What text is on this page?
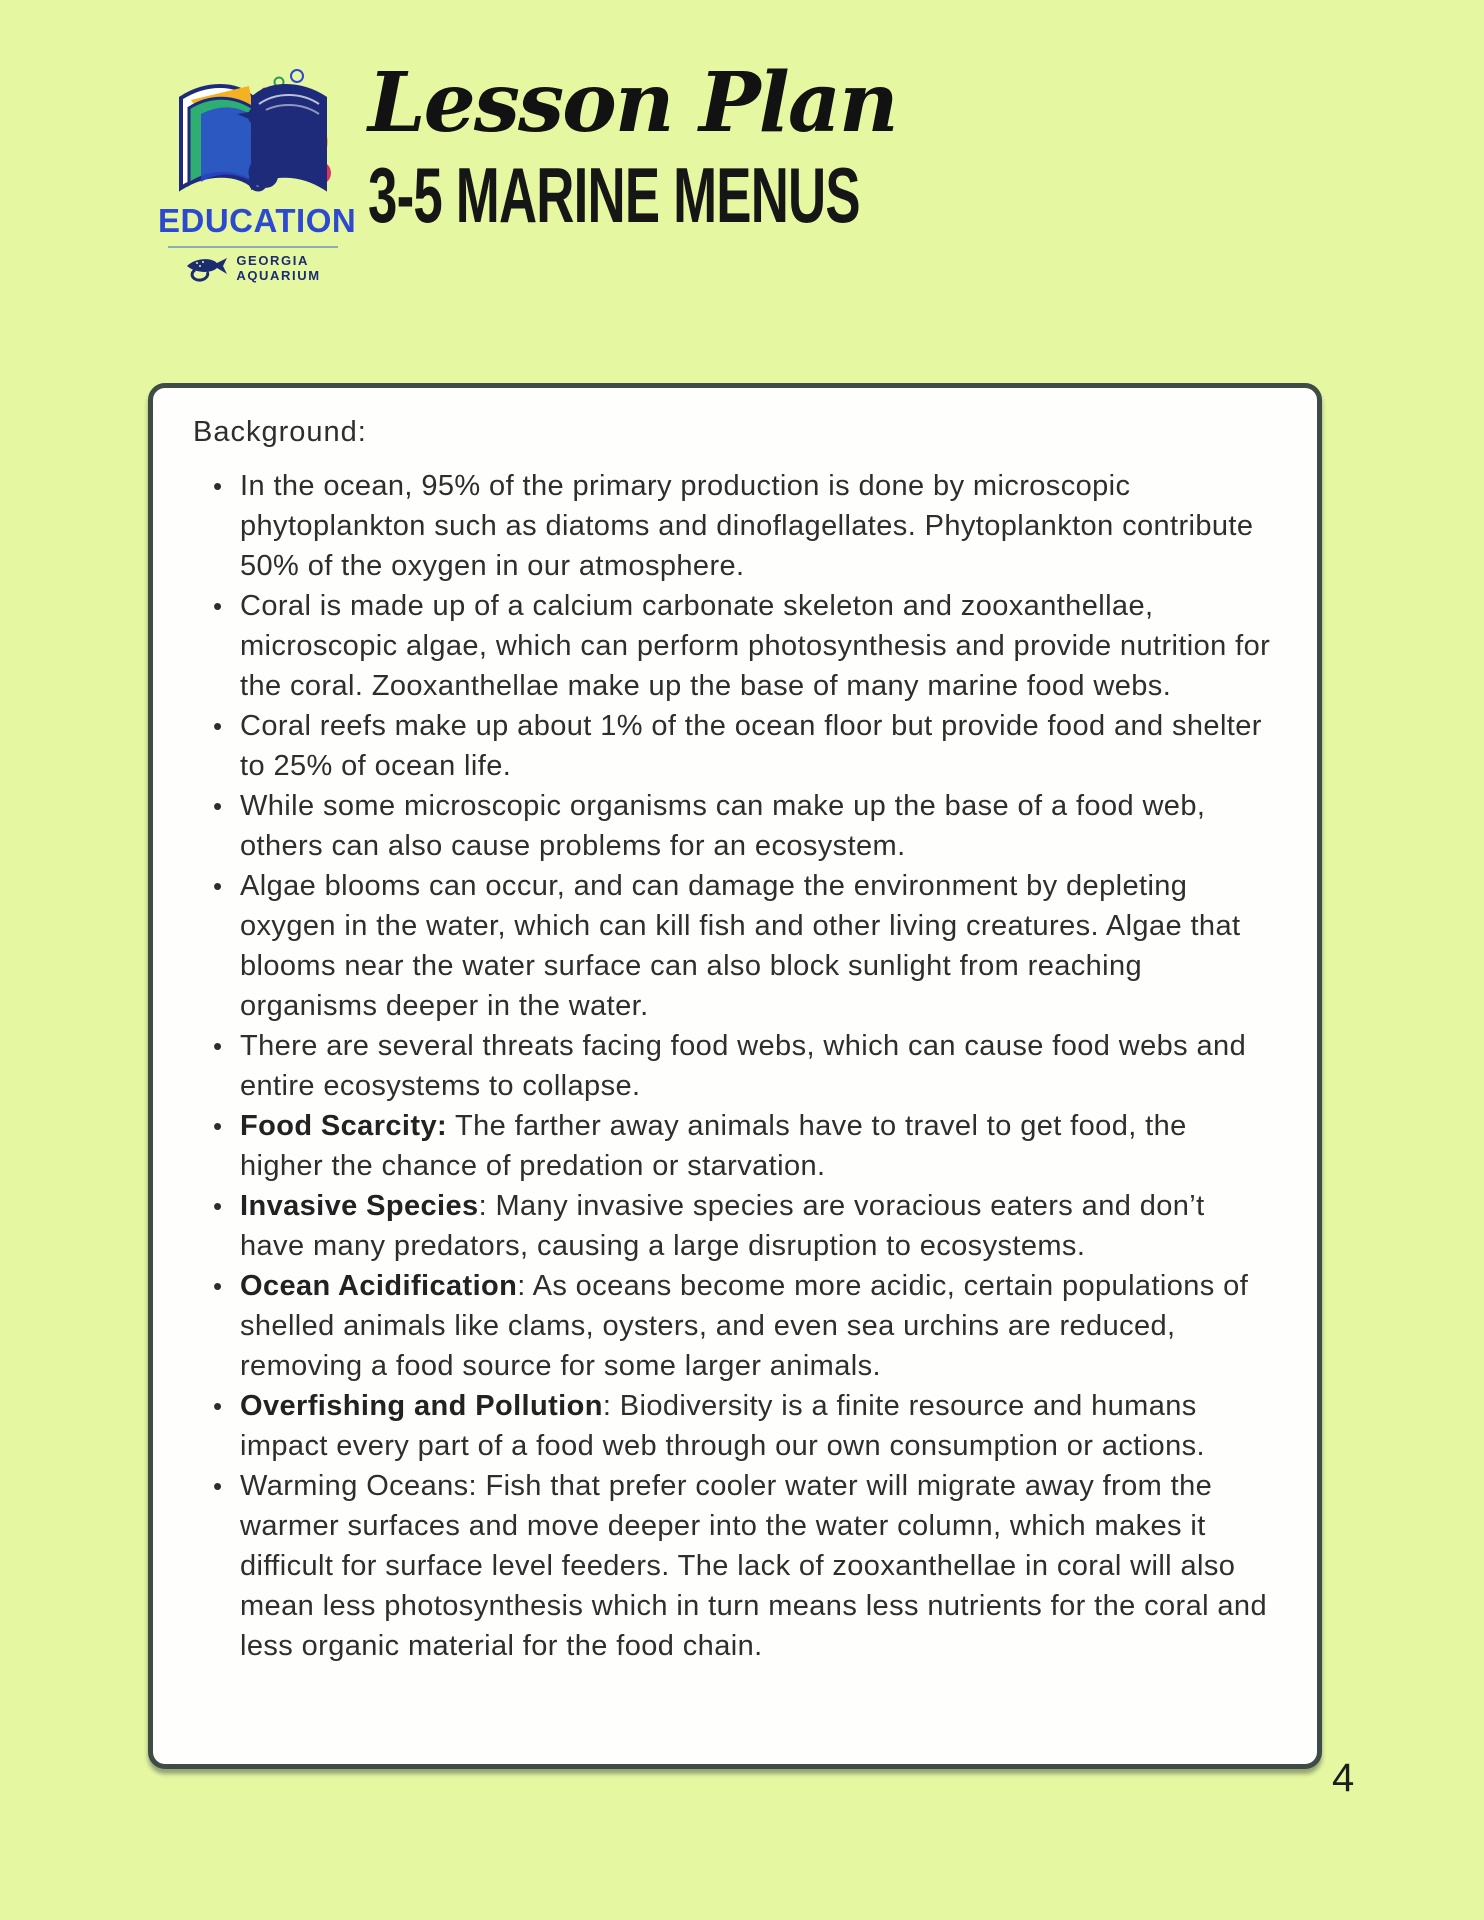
EDUCATION
GEORGIA
AQUARIUM
Lesson Plan
3-5 MARINE MENUS
Background:
• In the ocean, 95% of the primary production is done by microscopic phytoplankton such as diatoms and dinoflagellates. Phytoplankton contribute 50% of the oxygen in our atmosphere.
• Coral is made up of a calcium carbonate skeleton and zooxanthellae, microscopic algae, which can perform photosynthesis and provide nutrition for the coral. Zooxanthellae make up the base of many marine food webs.
• Coral reefs make up about 1% of the ocean floor but provide food and shelter to 25% of ocean life.
• While some microscopic organisms can make up the base of a food web, others can also cause problems for an ecosystem.
• Algae blooms can occur, and can damage the environment by depleting oxygen in the water, which can kill fish and other living creatures. Algae that blooms near the water surface can also block sunlight from reaching organisms deeper in the water.
• There are several threats facing food webs, which can cause food webs and entire ecosystems to collapse.
• Food Scarcity: The farther away animals have to travel to get food, the higher the chance of predation or starvation.
• Invasive Species: Many invasive species are voracious eaters and don’t have many predators, causing a large disruption to ecosystems.
• Ocean Acidification: As oceans become more acidic, certain populations of shelled animals like clams, oysters, and even sea urchins are reduced, removing a food source for some larger animals.
• Overfishing and Pollution: Biodiversity is a finite resource and humans impact every part of a food web through our own consumption or actions.
• Warming Oceans: Fish that prefer cooler water will migrate away from the warmer surfaces and move deeper into the water column, which makes it difficult for surface level feeders. The lack of zooxanthellae in coral will also mean less photosynthesis which in turn means less nutrients for the coral and less organic material for the food chain.
4
